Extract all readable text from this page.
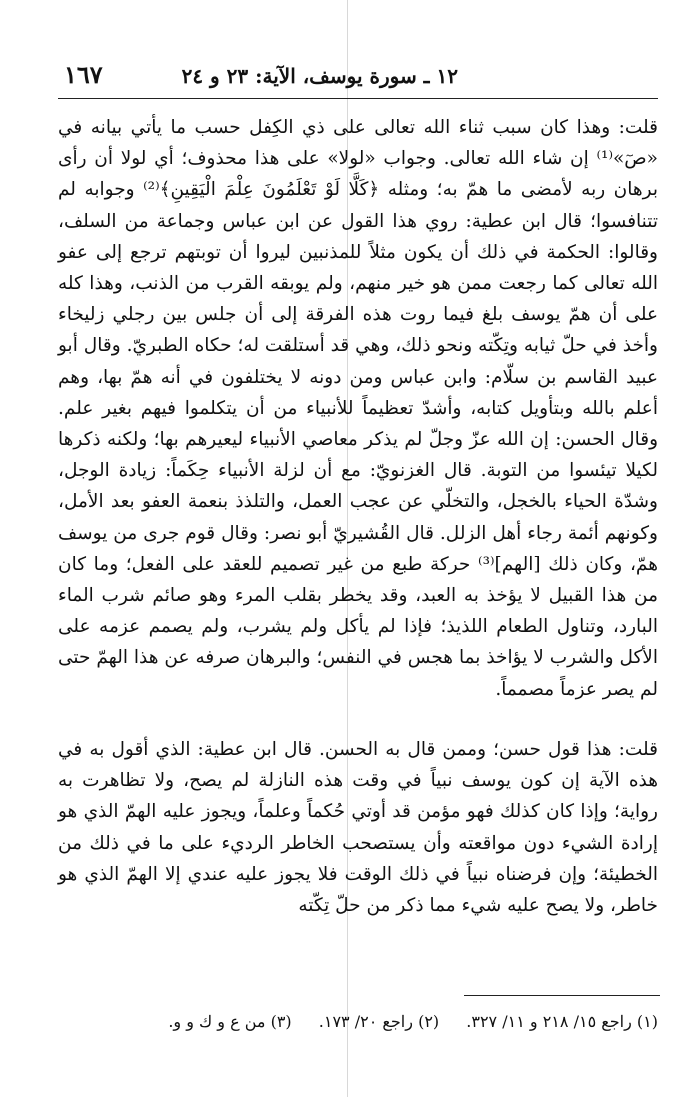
١٢ ـ سورة يوسف، الآية: ٢٣ و ٢٤
١٦٧

قلت: وهذا كان سبب ثناء الله تعالى على ذي الكِفل حسب ما يأتي بيانه في «صٓ»⁽¹⁾ إن شاء الله تعالى. وجواب «لولا» على هذا محذوف؛ أي لولا أن رأى برهان ربه لأمضى ما همّ به؛ ومثله ﴿كَلَّا لَوْ تَعْلَمُونَ عِلْمَ الْيَقِينِ﴾⁽²⁾ وجوابه لم تتنافسوا؛ قال ابن عطية: روي هذا القول عن ابن عباس وجماعة من السلف، وقالوا: الحكمة في ذلك أن يكون مثلاً للمذنبين ليروا أن توبتهم ترجع إلى عفو الله تعالى كما رجعت ممن هو خير منهم، ولم يوبقه القرب من الذنب، وهذا كله على أن همّ يوسف بلغ فيما روت هذه الفرقة إلى أن جلس بين رجلي زليخاء وأخذ في حلّ ثيابه وتِكّته ونحو ذلك، وهي قد أستلقت له؛ حكاه الطبريّ. وقال أبو عبيد القاسم بن سلّام: وابن عباس ومن دونه لا يختلفون في أنه همّ بها، وهم أعلم بالله وبتأويل كتابه، وأشدّ تعظيماً للأنبياء من أن يتكلموا فيهم بغير علم. وقال الحسن: إن الله عزّ وجلّ لم يذكر معاصي الأنبياء ليعيرهم بها؛ ولكنه ذكرها لكيلا تيئسوا من التوبة. قال الغزنويّ: مع أن لزلة الأنبياء حِكَماً: زيادة الوجل، وشدّة الحياء بالخجل، والتخلّي عن عجب العمل، والتلذذ بنعمة العفو بعد الأمل، وكونهم أئمة رجاء أهل الزلل. قال القُشيريّ أبو نصر: وقال قوم جرى من يوسف همّ، وكان ذلك [الهم]⁽³⁾ حركة طبع من غير تصميم للعقد على الفعل؛ وما كان من هذا القبيل لا يؤخذ به العبد، وقد يخطر بقلب المرء وهو صائم شرب الماء البارد، وتناول الطعام اللذيذ؛ فإذا لم يأكل ولم يشرب، ولم يصمم عزمه على الأكل والشرب لا يؤاخذ بما هجس في النفس؛ والبرهان صرفه عن هذا الهمّ حتى لم يصر عزماً مصمماً.

قلت: هذا قول حسن؛ وممن قال به الحسن. قال ابن عطية: الذي أقول به في هذه الآية إن كون يوسف نبياً في وقت هذه النازلة لم يصح، ولا تظاهرت به رواية؛ وإذا كان كذلك فهو مؤمن قد أوتي حُكماً وعلماً، ويجوز عليه الهمّ الذي هو إرادة الشيء دون مواقعته وأن يستصحب الخاطر الرديء على ما في ذلك من الخطيئة؛ وإن فرضناه نبياً في ذلك الوقت فلا يجوز عليه عندي إلا الهمّ الذي هو خاطر، ولا يصح عليه شيء مما ذكر من حلّ تِكّته

(١) راجع ١٥/ ٢١٨ و ١١/ ٣٢٧. (٢) راجع ٢٠/ ١٧٣. (٣) من ع و ك و و.
